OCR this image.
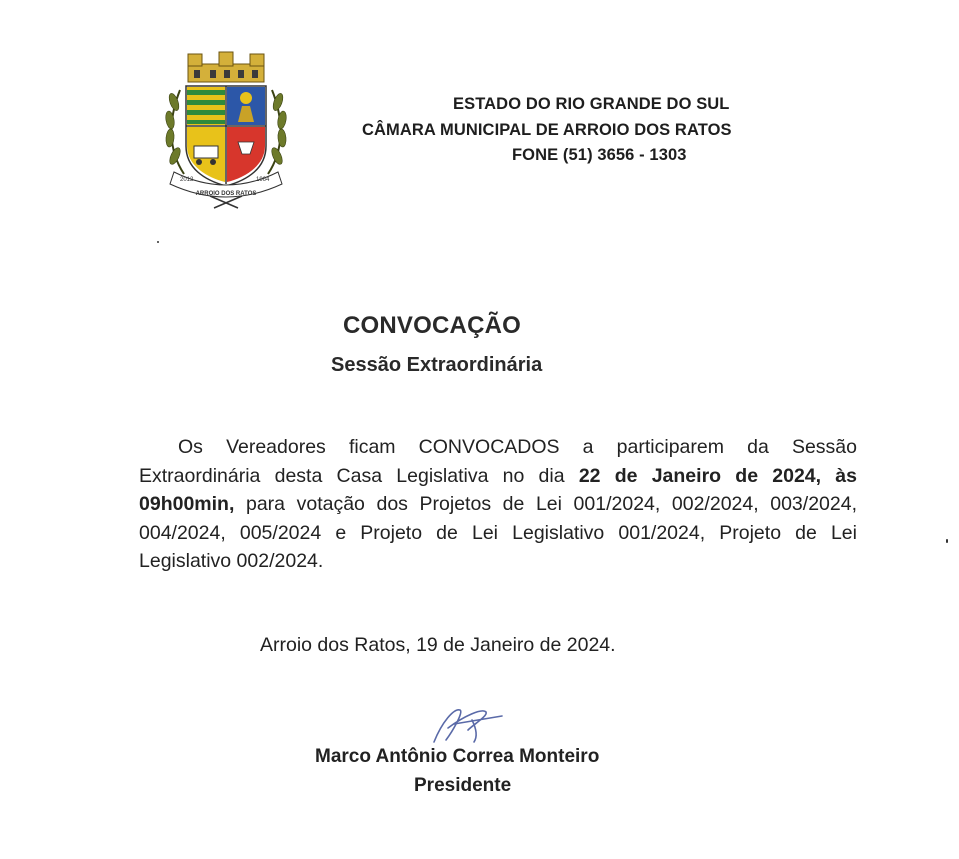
2012
ARROIO DOS RATOS
1964
ESTADO DO RIO GRANDE DO SUL
CÂMARA MUNICIPAL DE ARROIO DOS RATOS
FONE (51) 3656 - 1303
CONVOCAÇÃO
Sessão Extraordinária

Os Vereadores ficam CONVOCADOS a participarem da Sessão Extraordinária desta Casa Legislativa no dia 22 de Janeiro de 2024, às 09h00min, para votação dos Projetos de Lei 001/2024, 002/2024, 003/2024, 004/2024, 005/2024 e Projeto de Lei Legislativo 001/2024, Projeto de Lei Legislativo 002/2024.

Arroio dos Ratos, 19 de Janeiro de 2024.
Marco Antônio Correa Monteiro
Presidente
